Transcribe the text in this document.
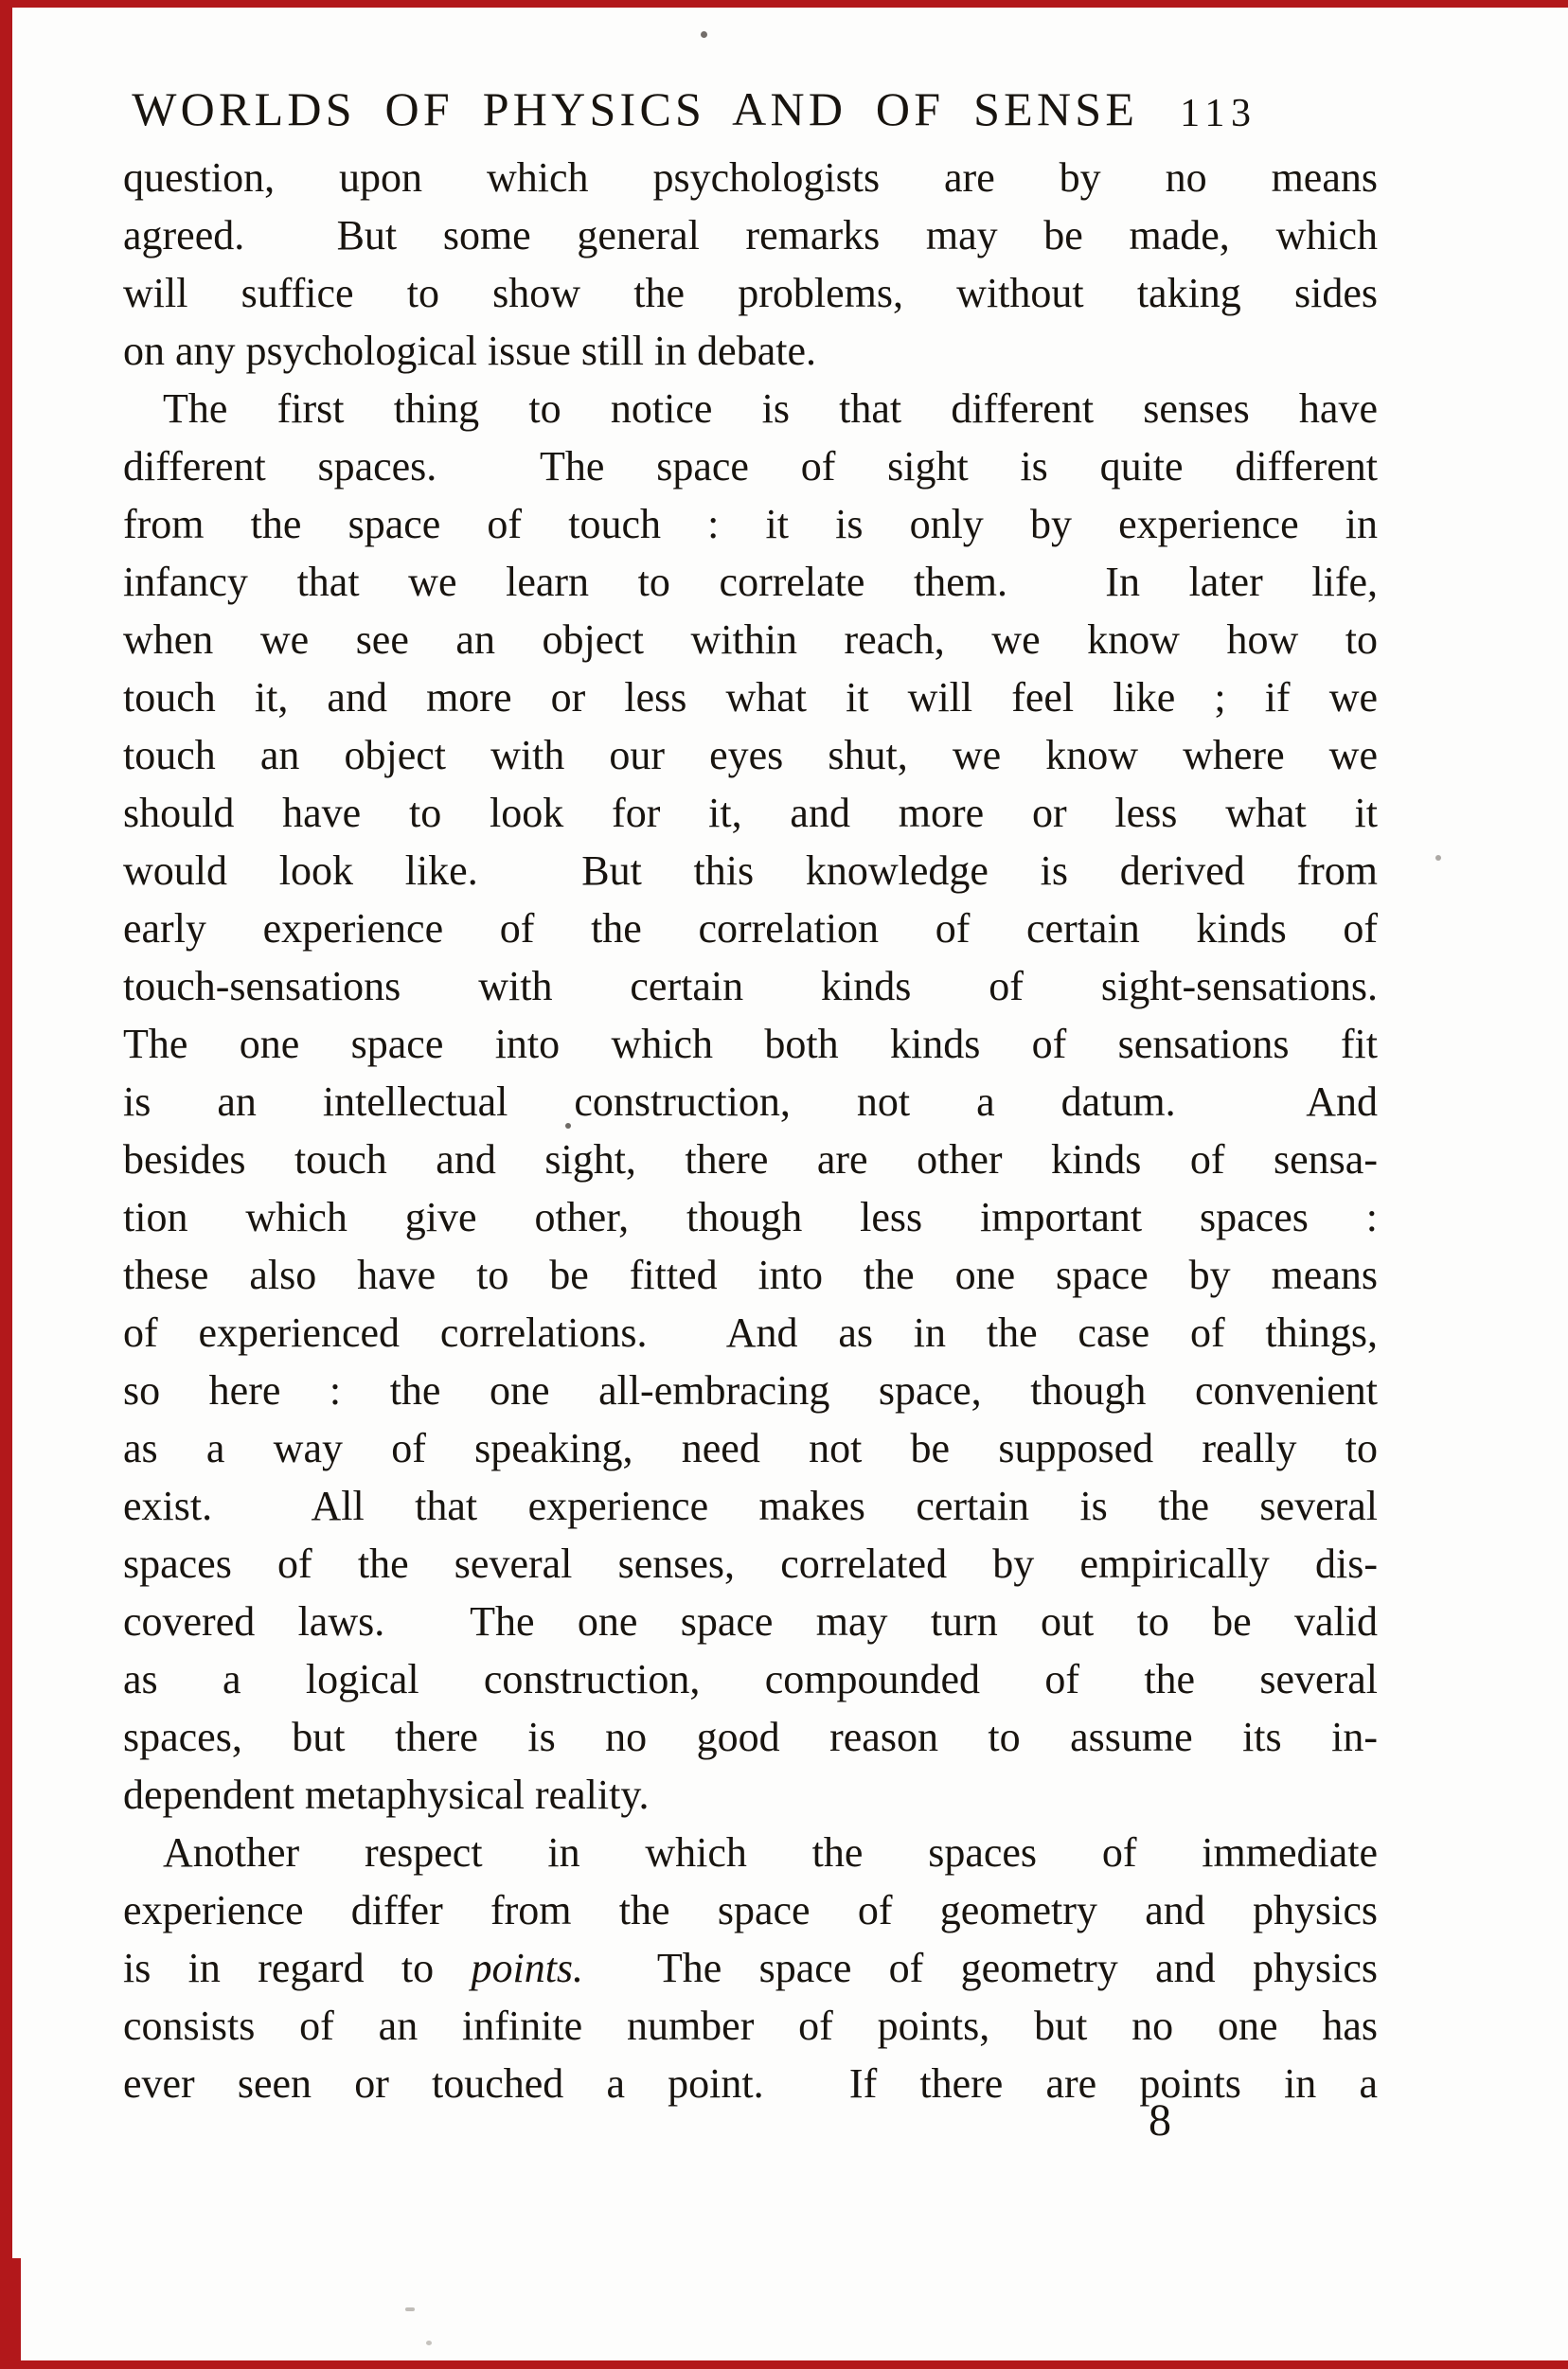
WORLDS OF PHYSICS AND OF SENSE 113
question, upon which psychologists are by no means
agreed.  But some general remarks may be made, which
will suffice to show the problems, without taking sides
on any psychological issue still in debate.
The first thing to notice is that different senses have
different spaces.  The space of sight is quite different
from the space of touch : it is only by experience in
infancy that we learn to correlate them.  In later life,
when we see an object within reach, we know how to
touch it, and more or less what it will feel like ; if we
touch an object with our eyes shut, we know where we
should have to look for it, and more or less what it
would look like.  But this knowledge is derived from
early experience of the correlation of certain kinds of
touch-sensations with certain kinds of sight-sensations.
The one space into which both kinds of sensations fit
is an intellectual construction, not a datum.  And
besides touch and sight, there are other kinds of sensa-
tion which give other, though less important spaces :
these also have to be fitted into the one space by means
of experienced correlations.  And as in the case of things,
so here : the one all-embracing space, though convenient
as a way of speaking, need not be supposed really to
exist.  All that experience makes certain is the several
spaces of the several senses, correlated by empirically dis-
covered laws.  The one space may turn out to be valid
as a logical construction, compounded of the several
spaces, but there is no good reason to assume its in-
dependent metaphysical reality.
Another respect in which the spaces of immediate
experience differ from the space of geometry and physics
is in regard to points.  The space of geometry and physics
consists of an infinite number of points, but no one has
ever seen or touched a point.  If there are points in a
8
